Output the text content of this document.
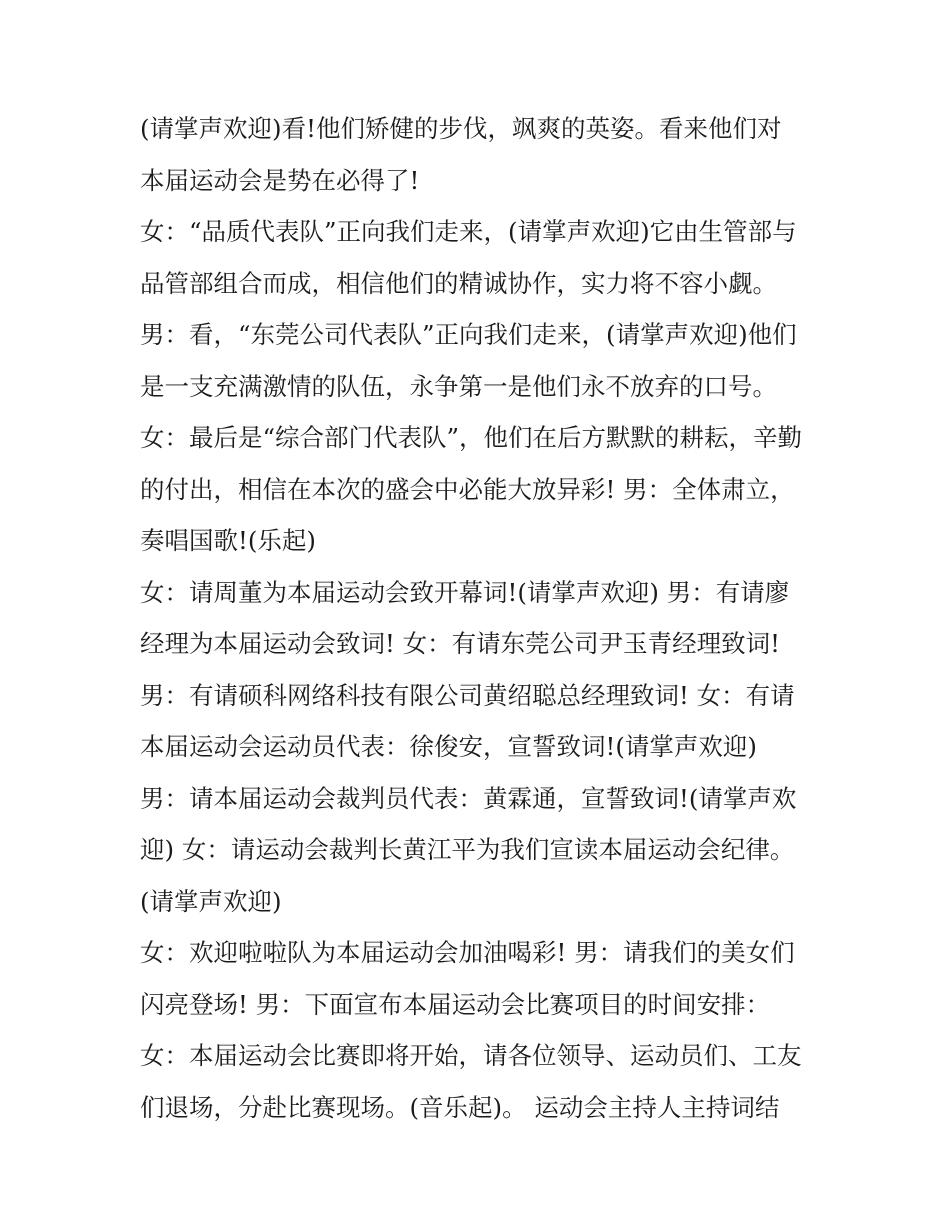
(请掌声欢迎)看!他们矫健的步伐，飒爽的英姿。看来他们对
本届运动会是势在必得了!
女：“品质代表队”正向我们走来，(请掌声欢迎)它由生管部与
品管部组合而成，相信他们的精诚协作，实力将不容小觑。
男：看，“东莞公司代表队”正向我们走来，(请掌声欢迎)他们
是一支充满激情的队伍，永争第一是他们永不放弃的口号。
女：最后是“综合部门代表队”，他们在后方默默的耕耘，辛勤
的付出，相信在本次的盛会中必能大放异彩! 男：全体肃立，
奏唱国歌!(乐起)
女：请周董为本届运动会致开幕词!(请掌声欢迎) 男：有请廖
经理为本届运动会致词! 女：有请东莞公司尹玉青经理致词!
男：有请硕科网络科技有限公司黄绍聪总经理致词! 女：有请
本届运动会运动员代表：徐俊安，宣誓致词!(请掌声欢迎)
男：请本届运动会裁判员代表：黄霖通，宣誓致词!(请掌声欢
迎) 女：请运动会裁判长黄江平为我们宣读本届运动会纪律。
(请掌声欢迎)
女：欢迎啦啦队为本届运动会加油喝彩! 男：请我们的美女们
闪亮登场! 男：下面宣布本届运动会比赛项目的时间安排：
女：本届运动会比赛即将开始，请各位领导、运动员们、工友
们退场，分赴比赛现场。(音乐起)。 运动会主持人主持词结
